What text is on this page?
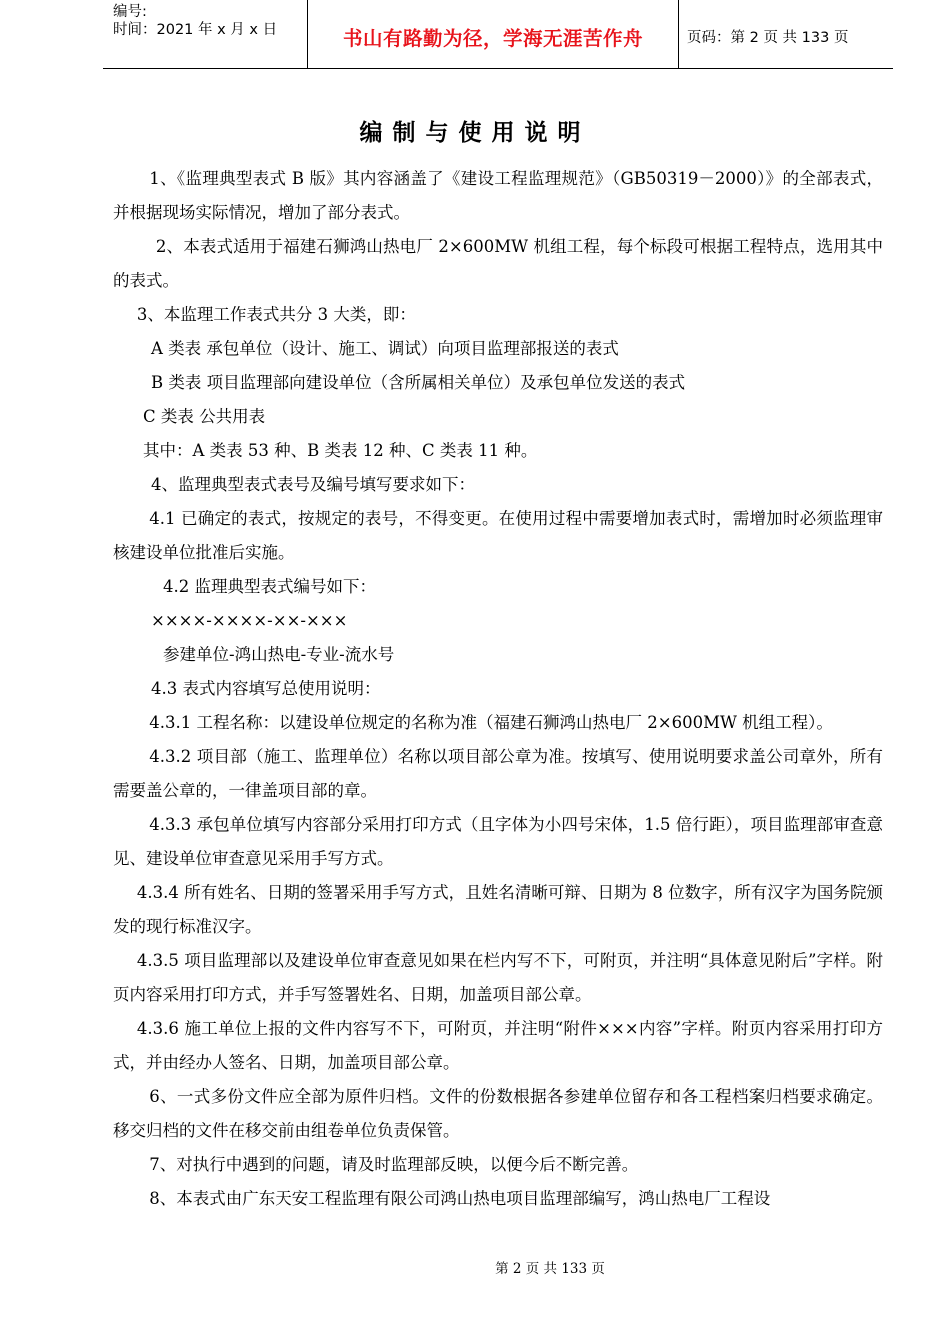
编号:
时间：2021 年 x 月 x 日	书山有路勤为径，学海无涯苦作舟	页码：第 2 页 共 133 页
编制与使用说明

1、《监理典型表式 B 版》其内容涵盖了《建设工程监理规范》（GB50319－2000）》的全部表式，并根据现场实际情况，增加了部分表式。

2、本表式适用于福建石狮鸿山热电厂 2×600MW 机组工程，每个标段可根据工程特点，选用其中的表式。

3、本监理工作表式共分 3 大类，即：

A 类表 承包单位（设计、施工、调试）向项目监理部报送的表式

B 类表 项目监理部向建设单位（含所属相关单位）及承包单位发送的表式

C 类表 公共用表

其中：A 类表 53 种、B 类表 12 种、C 类表 11 种。

4、监理典型表式表号及编号填写要求如下：

4.1 已确定的表式，按规定的表号，不得变更。在使用过程中需要增加表式时，需增加时必须监理审核建设单位批准后实施。

4.2 监理典型表式编号如下：

××××-××××-××-×××

参建单位-鸿山热电-专业-流水号

4.3 表式内容填写总使用说明：

4.3.1 工程名称：以建设单位规定的名称为准（福建石狮鸿山热电厂 2×600MW 机组工程）。

4.3.2 项目部（施工、监理单位）名称以项目部公章为准。按填写、使用说明要求盖公司章外，所有需要盖公章的，一律盖项目部的章。

4.3.3 承包单位填写内容部分采用打印方式（且字体为小四号宋体，1.5 倍行距），项目监理部审查意见、建设单位审查意见采用手写方式。

4.3.4 所有姓名、日期的签署采用手写方式，且姓名清晰可辩、日期为 8 位数字，所有汉字为国务院颁发的现行标准汉字。

4.3.5 项目监理部以及建设单位审查意见如果在栏内写不下，可附页，并注明“具体意见附后”字样。附页内容采用打印方式，并手写签署姓名、日期，加盖项目部公章。

4.3.6 施工单位上报的文件内容写不下，可附页，并注明“附件×××内容”字样。附页内容采用打印方式，并由经办人签名、日期，加盖项目部公章。

6、一式多份文件应全部为原件归档。文件的份数根据各参建单位留存和各工程档案归档要求确定。移交归档的文件在移交前由组卷单位负责保管。

7、对执行中遇到的问题，请及时监理部反映，以便今后不断完善。

8、本表式由广东天安工程监理有限公司鸿山热电项目监理部编写，鸿山热电厂工程设

第 2 页 共 133 页
